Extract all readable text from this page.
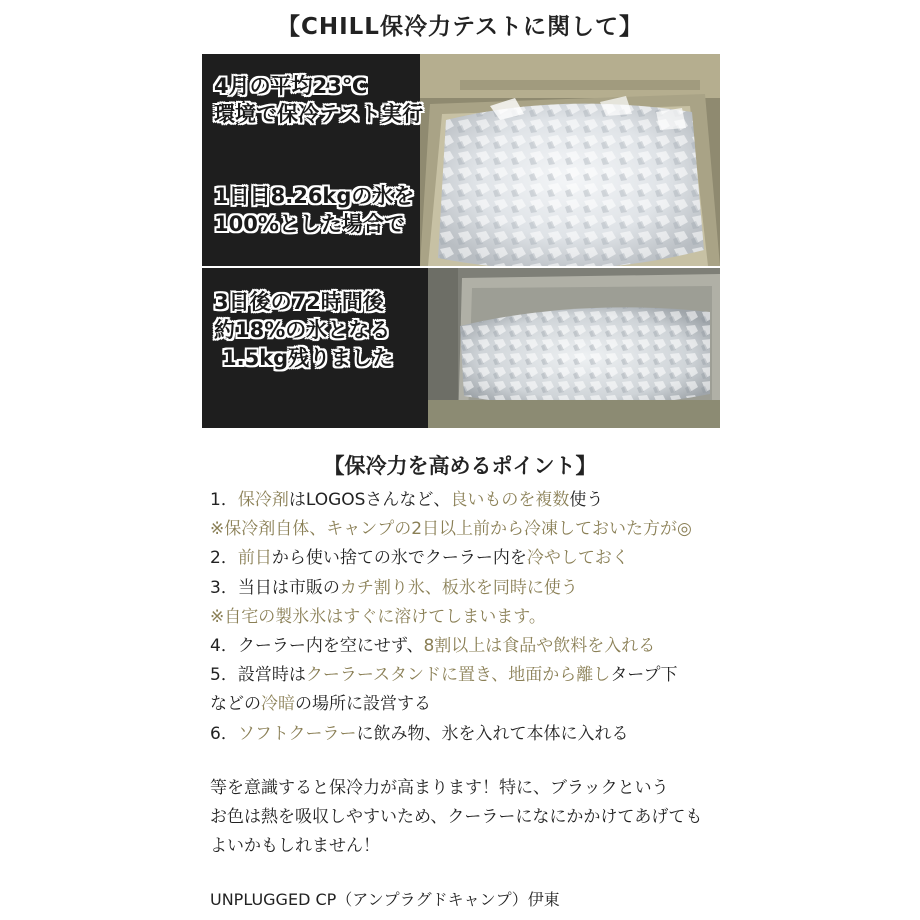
【CHILL保冷力テストに関して】
4月の平均23℃
環境で保冷テスト実行
1日目8.26kgの氷を
100%とした場合で
3日後の72時間後
約18%の氷となる
1.5kg残りました
【保冷力を高めるポイント】
1．保冷剤はLOGOSさんなど、良いものを複数使う
※保冷剤自体、キャンプの2日以上前から冷凍しておいた方が◎
2．前日から使い捨ての氷でクーラー内を冷やしておく
3．当日は市販のカチ割り氷、板氷を同時に使う
※自宅の製氷氷はすぐに溶けてしまいます。
4．クーラー内を空にせず、8割以上は食品や飲料を入れる
5．設営時はクーラースタンドに置き、地面から離しタープ下
などの冷暗の場所に設営する
6．ソフトクーラーに飲み物、氷を入れて本体に入れる
等を意識すると保冷力が高まります！特に、ブラックという
お色は熱を吸収しやすいため、クーラーになにかかけてあげても
よいかもしれません！
UNPLUGGED CP（アンプラグドキャンプ）伊東
